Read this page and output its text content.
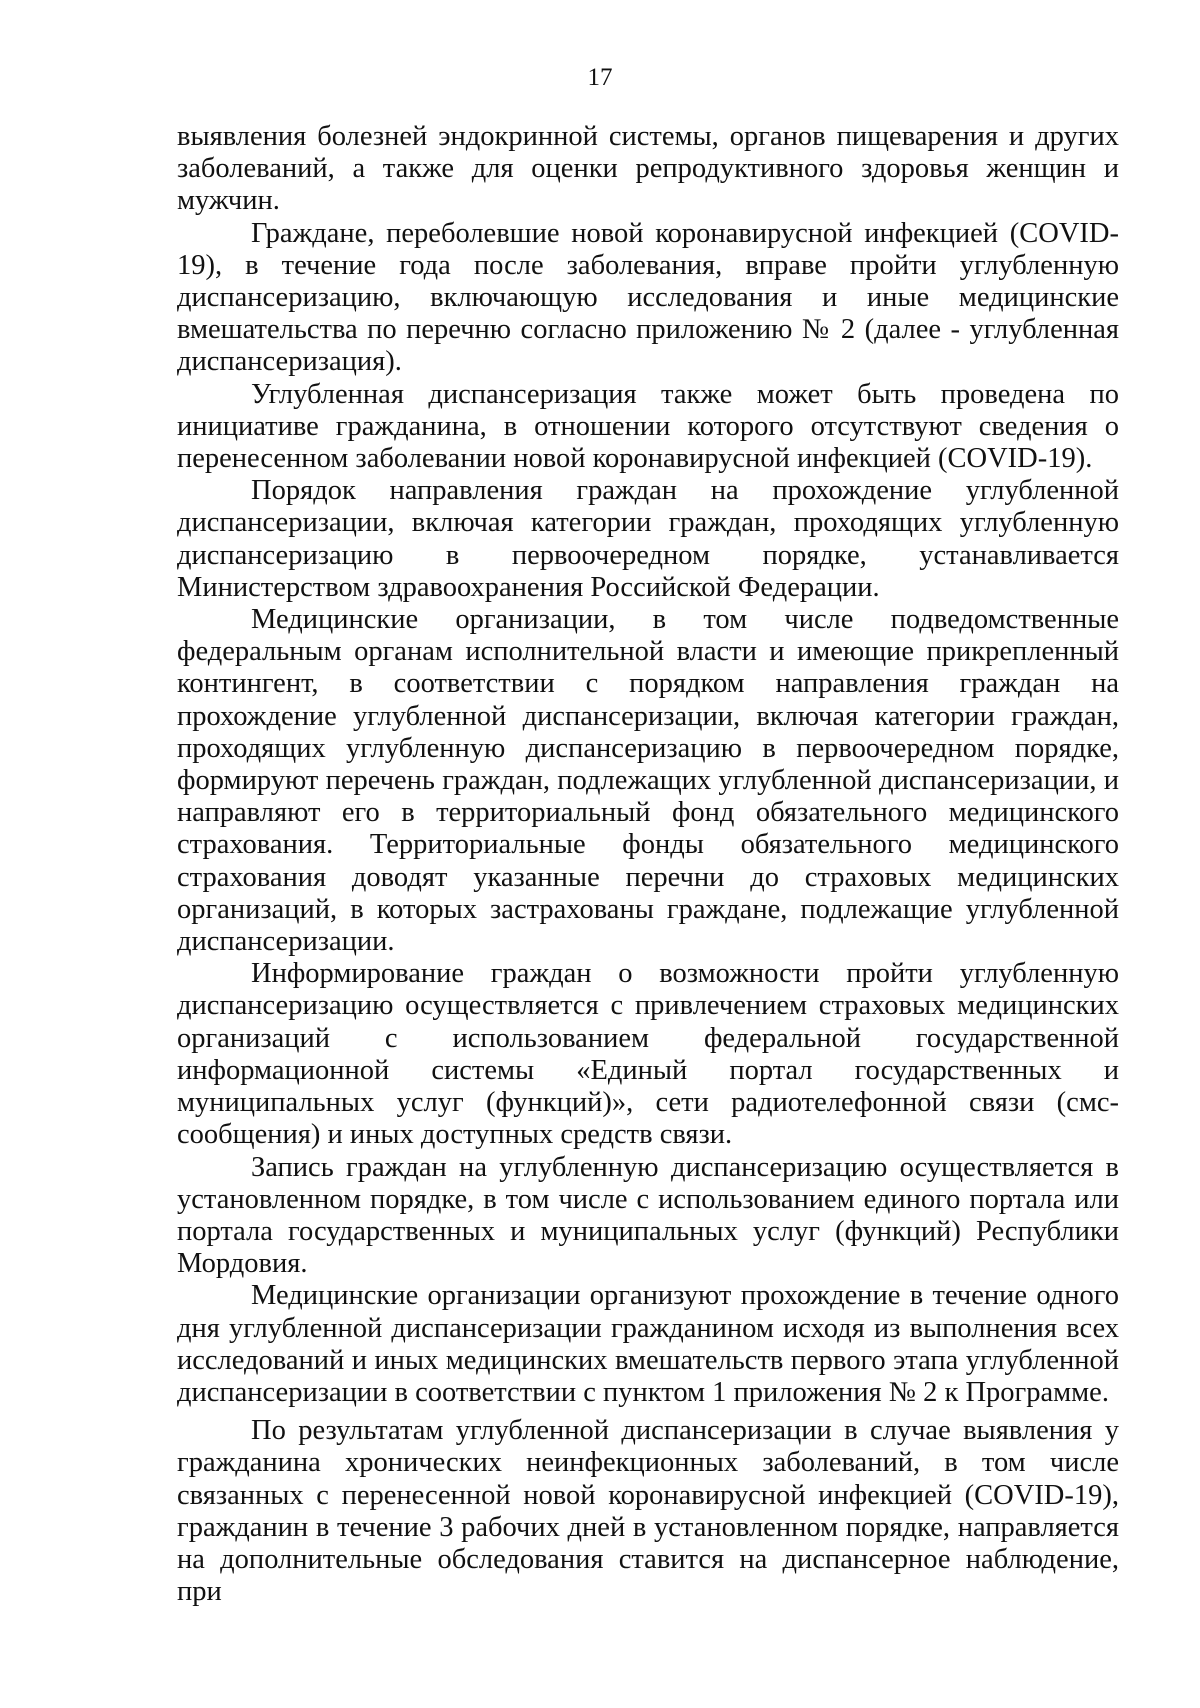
17

выявления болезней эндокринной системы, органов пищеварения и других заболеваний, а также для оценки репродуктивного здоровья женщин и мужчин.

Граждане, переболевшие новой коронавирусной инфекцией (COVID-19), в течение года после заболевания, вправе пройти углубленную диспансеризацию, включающую исследования и иные медицинские вмешательства по перечню согласно приложению № 2 (далее - углубленная диспансеризация).

Углубленная диспансеризация также может быть проведена по инициативе гражданина, в отношении которого отсутствуют сведения о перенесенном заболевании новой коронавирусной инфекцией (COVID-19).

Порядок направления граждан на прохождение углубленной диспансеризации, включая категории граждан, проходящих углубленную диспансеризацию в первоочередном порядке, устанавливается Министерством здравоохранения Российской Федерации.

Медицинские организации, в том числе подведомственные федеральным органам исполнительной власти и имеющие прикрепленный контингент, в соответствии с порядком направления граждан на прохождение углубленной диспансеризации, включая категории граждан, проходящих углубленную диспансеризацию в первоочередном порядке, формируют перечень граждан, подлежащих углубленной диспансеризации, и направляют его в территориальный фонд обязательного медицинского страхования. Территориальные фонды обязательного медицинского страхования доводят указанные перечни до страховых медицинских организаций, в которых застрахованы граждане, подлежащие углубленной диспансеризации.

Информирование граждан о возможности пройти углубленную диспансеризацию осуществляется с привлечением страховых медицинских организаций с использованием федеральной государственной информационной системы «Единый портал государственных и муниципальных услуг (функций)», сети радиотелефонной связи (смс-сообщения) и иных доступных средств связи.

Запись граждан на углубленную диспансеризацию осуществляется в установленном порядке, в том числе с использованием единого портала или портала государственных и муниципальных услуг (функций) Республики Мордовия.

Медицинские организации организуют прохождение в течение одного дня углубленной диспансеризации гражданином исходя из выполнения всех исследований и иных медицинских вмешательств первого этапа углубленной диспансеризации в соответствии с пунктом 1 приложения № 2 к Программе.

По результатам углубленной диспансеризации в случае выявления у гражданина хронических неинфекционных заболеваний, в том числе связанных с перенесенной новой коронавирусной инфекцией (COVID-19), гражданин в течение 3 рабочих дней в установленном порядке, направляется на дополнительные обследования ставится на диспансерное наблюдение, при
